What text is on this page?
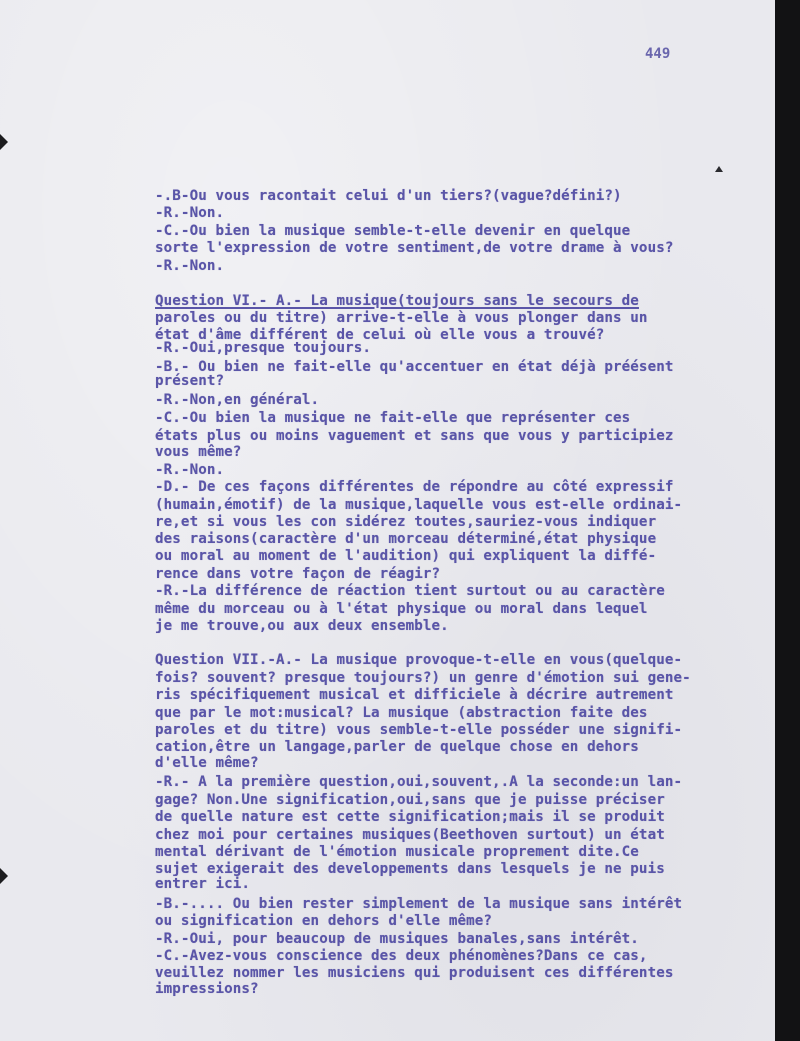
449
-.B-Ou vous racontait celui d'un tiers?(vague?défini?)
-R.-Non.
-C.-Ou bien la musique semble-t-elle devenir en quelque
sorte l'expression de votre sentiment,de votre drame à vous?
-R.-Non.
Question VI.- A.- La musique(toujours sans le secours de
paroles ou du titre) arrive-t-elle à vous plonger dans un
état d'âme différent de celui où elle vous a trouvé?
-R.-Oui,presque toujours.
-B.- Ou bien ne fait-elle qu'accentuer en état déjà préésent
présent?
-R.-Non,en général.
-C.-Ou bien la musique ne fait-elle que représenter ces
états plus ou moins vaguement et sans que vous y participiez
vous même?
-R.-Non.
-D.- De ces façons différentes de répondre au côté expressif
(humain,émotif) de la musique,laquelle vous est-elle ordinai-
re,et si vous les con sidérez toutes,sauriez-vous indiquer
des raisons(caractère d'un morceau déterminé,état physique
ou moral au moment de l'audition) qui expliquent la diffé-
rence dans votre façon de réagir?
-R.-La différence de réaction tient surtout ou au caractère
même du morceau ou à l'état physique ou moral dans lequel
je me trouve,ou aux deux ensemble.
Question VII.-A.- La musique provoque-t-elle en vous(quelque-
fois? souvent? presque toujours?) un genre d'émotion sui gene-
ris spécifiquement musical et difficiele à décrire autrement
que par le mot:musical? La musique (abstraction faite des
paroles et du titre) vous semble-t-elle posséder une signifi-
cation,être un langage,parler de quelque chose en dehors
d'elle même?
-R.- A la première question,oui,souvent,.A la seconde:un lan-
gage? Non.Une signification,oui,sans que je puisse préciser
de quelle nature est cette signification;mais il se produit
chez moi pour certaines musiques(Beethoven surtout) un état
mental dérivant de l'émotion musicale proprement dite.Ce
sujet exigerait des developpements dans lesquels je ne puis
entrer ici.
-B.-.... Ou bien rester simplement de la musique sans intérêt
ou signification en dehors d'elle même?
-R.-Oui, pour beaucoup de musiques banales,sans intérêt.
-C.-Avez-vous conscience des deux phénomènes?Dans ce cas,
veuillez nommer les musiciens qui produisent ces différentes
impressions?
